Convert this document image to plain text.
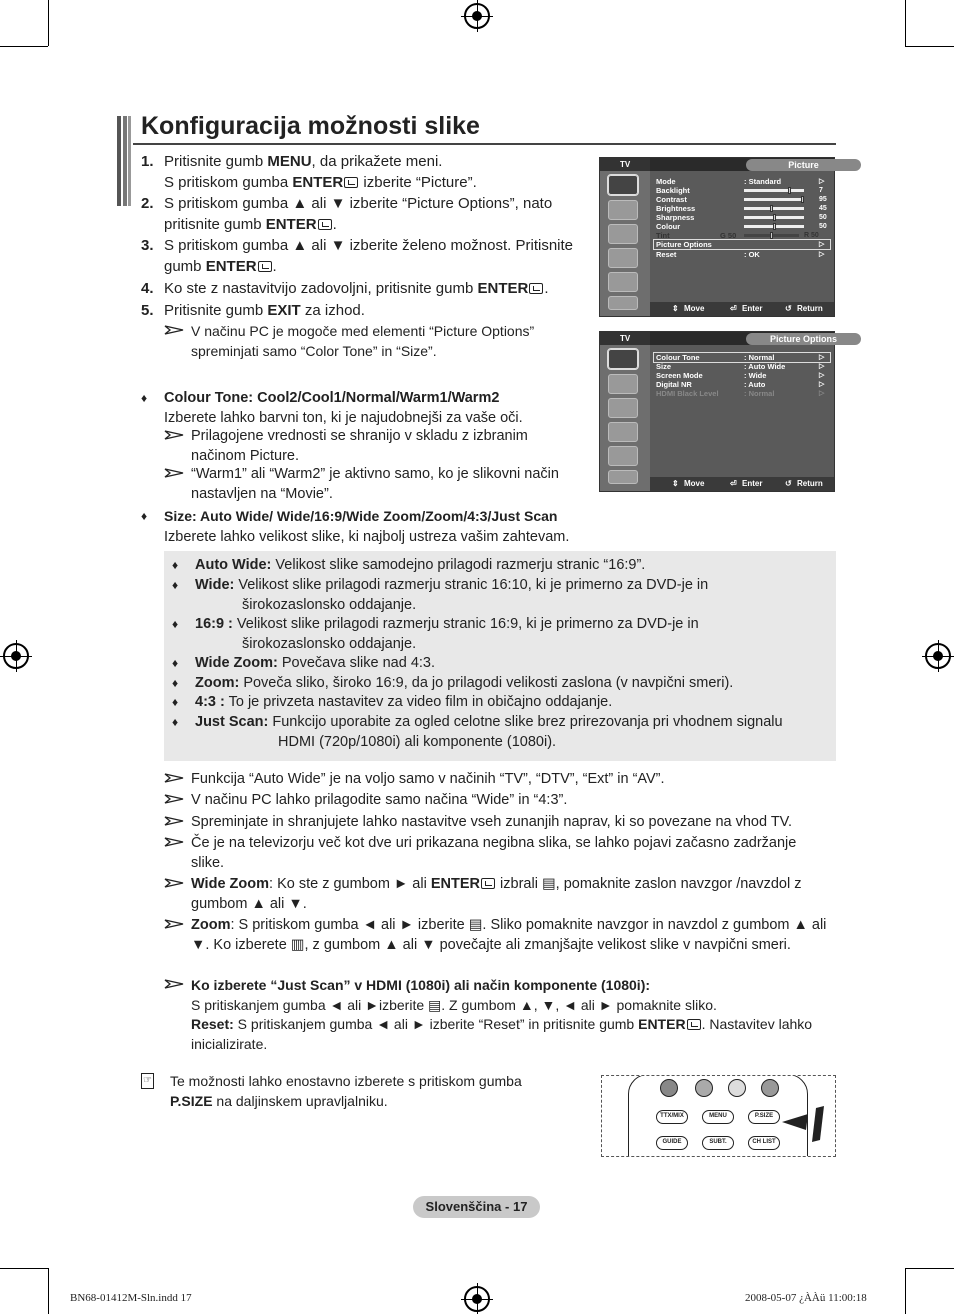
Konfiguracija možnosti slike
1. Pritisnite gumb MENU, da prikažete meni.
S pritiskom gumba ENTER izberite “Picture”.
2. S pritiskom gumba ▲ ali ▼ izberite “Picture Options”, nato pritisnite gumb ENTER .
3. S pritiskom gumba ▲ ali ▼ izberite želeno možnost. Pritisnite gumb ENTER .
4. Ko ste z nastavitvijo zadovoljni, pritisnite gumb ENTER .
5. Pritisnite gumb EXIT za izhod.
V načinu PC je mogoče med elementi “Picture Options” spreminjati samo “Color Tone” in “Size”.
♦ Colour Tone: Cool2/Cool1/Normal/Warm1/Warm2
Izberete lahko barvni ton, ki je najudobnejši za vaše oči.
Prilagojene vrednosti se shranijo v skladu z izbranim načinom Picture.
“Warm1” ali “Warm2” je aktivno samo, ko je slikovni način nastavljen na “Movie”.
♦ Size: Auto Wide/ Wide/16:9/Wide Zoom/Zoom/4:3/Just Scan
Izberete lahko velikost slike, ki najbolj ustreza vašim zahtevam.
♦ Auto Wide: Velikost slike samodejno prilagodi razmerju stranic “16:9”.
♦ Wide: Velikost slike prilagodi razmerju stranic 16:10, ki je primerno za DVD-je in
širokozaslonsko oddajanje.
♦ 16:9 : Velikost slike prilagodi razmerju stranic 16:9, ki je primerno za DVD-je in
širokozaslonsko oddajanje.
♦ Wide Zoom: Povečava slike nad 4:3.
♦ Zoom: Poveča sliko, široko 16:9, da jo prilagodi velikosti zaslona (v navpični smeri).
♦ 4:3 : To je privzeta nastavitev za video film in običajno oddajanje.
♦ Just Scan: Funkcijo uporabite za ogled celotne slike brez prirezovanja pri vhodnem signalu
HDMI (720p/1080i) ali komponente (1080i).
Funkcija “Auto Wide” je na voljo samo v načinih “TV”, “DTV”, “Ext” in “AV”.
V načinu PC lahko prilagodite samo načina “Wide” in “4:3”.
Spreminjate in shranjujete lahko nastavitve vseh zunanjih naprav, ki so povezane na vhod TV.
Če je na televizorju več kot dve uri prikazana negibna slika, se lahko pojavi začasno zadržanje slike.
Wide Zoom: Ko ste z gumbom ► ali ENTER izbrali ▤, pomaknite zaslon navzgor /navzdol z gumbom ▲ ali ▼.
Zoom: S pritiskom gumba ◄ ali ► izberite ▤. Sliko pomaknite navzgor in navzdol z gumbom ▲ ali ▼. Ko izberete ▥, z gumbom ▲ ali ▼ povečajte ali zmanjšajte velikost slike v navpični smeri.
Ko izberete “Just Scan” v HDMI (1080i) ali način komponente (1080i):
S pritiskanjem gumba ◄ ali ►izberite ▤. Z gumbom ▲, ▼, ◄ ali ► pomaknite sliko.
Reset: S pritiskanjem gumba ◄ ali ► izberite “Reset” in pritisnite gumb ENTER . Nastavitev lahko inicializirate.
☞ Te možnosti lahko enostavno izberete s pritiskom gumba
P.SIZE na daljinskem upravljalniku.
TV	Picture
Mode	: Standard	▷
Backlight	7
Contrast	95
Brightness	45
Sharpness	50
Colour	50
Tint	G 50	R 50
Picture Options	▷
Reset	: OK	▷
⇕ Move	⏎ Enter	↺ Return
TV	Picture Options
Colour Tone	: Normal	▷
Size	: Auto Wide	▷
Screen Mode	: Wide	▷
Digital NR	: Auto	▷
HDMI Black Level	: Normal	▷
⇕ Move	⏎ Enter	↺ Return
TTX/MIX	MENU	P.SIZE
GUIDE	SUBT.	CH LIST
Slovenščina - 17
BN68-01412M-Sln.indd 17	2008-05-07 ¿ÀÀü 11:00:18
